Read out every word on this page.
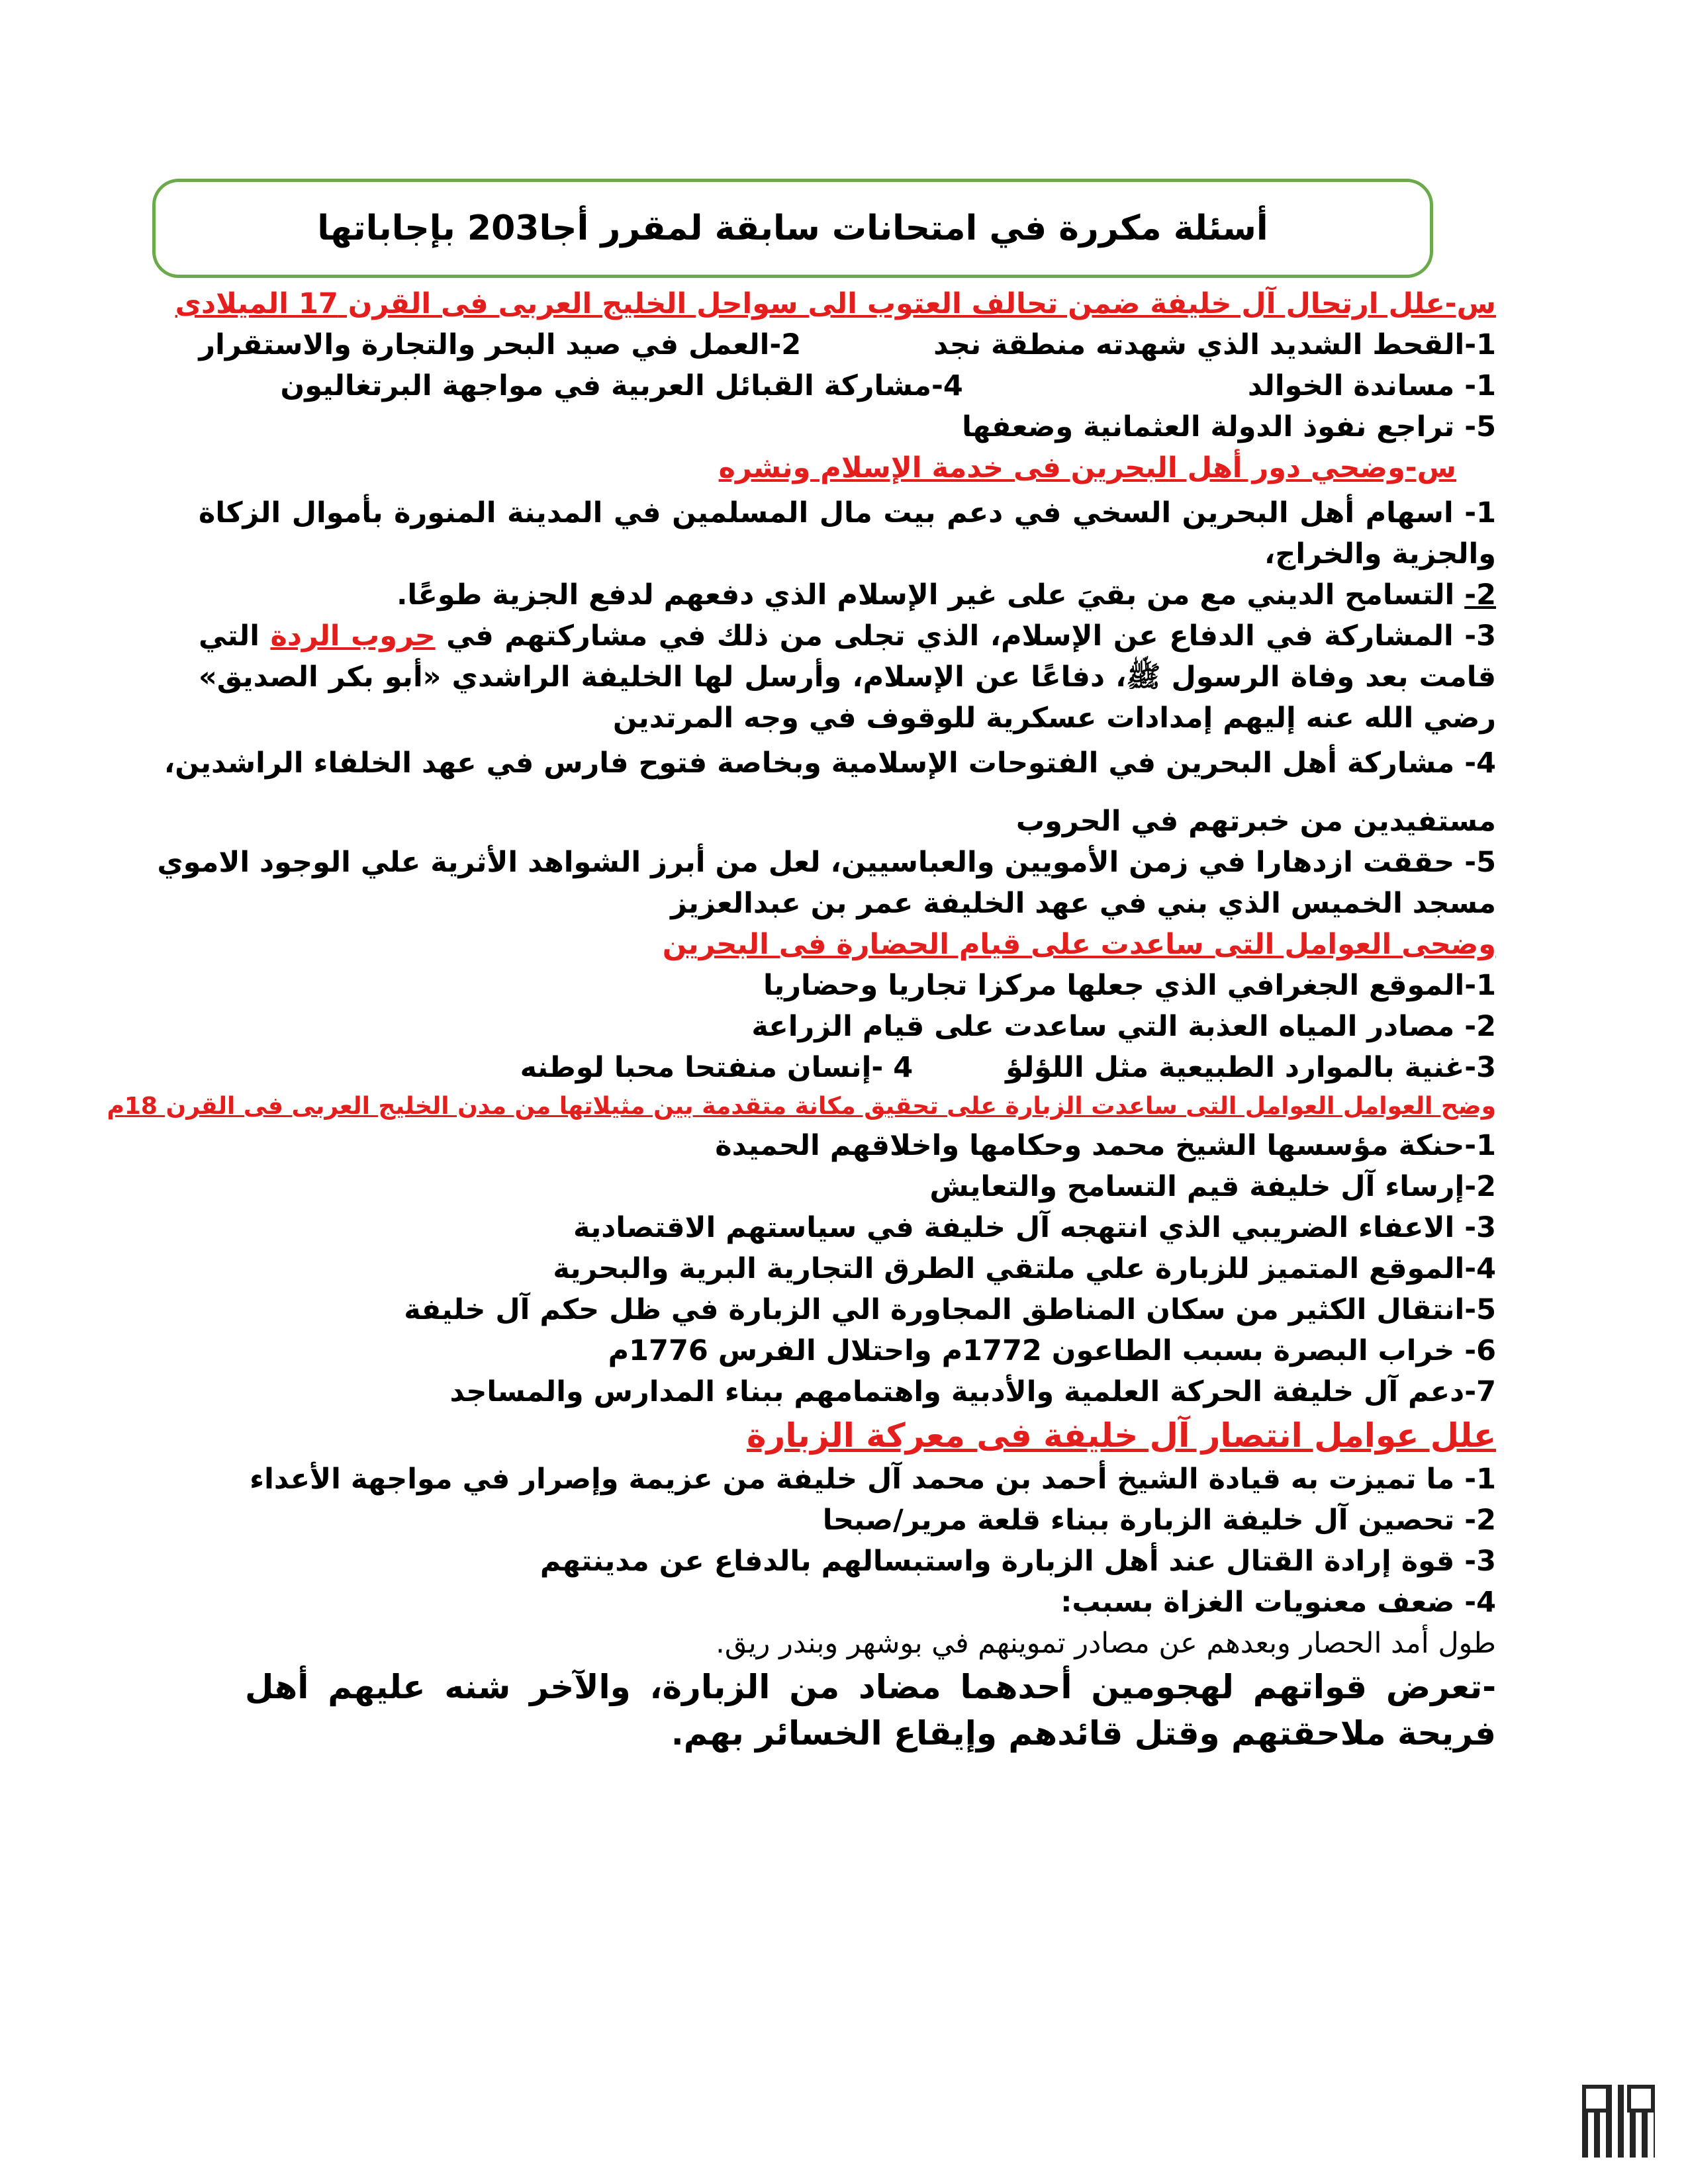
أسئلة مكررة في امتحانات سابقة لمقرر أجا203 بإجاباتها
س-علل ارتحال آل خليفة ضمن تحالف العتوب الى سواحل الخليج العربى فى القرن 17 الميلادى
1-القحط الشديد الذي شهدته منطقة نجد2-العمل في صيد البحر والتجارة والاستقرار
1- مساندة الخوالد4-مشاركة القبائل العربية في مواجهة البرتغاليون
5- تراجع نفوذ الدولة العثمانية وضعفها
س-وضحي دور أهل البحرين فى خدمة الإسلام ونشره
1- اسهام أهل البحرين السخي في دعم بيت مال المسلمين في المدينة المنورة بأموال الزكاة والجزية والخراج،
2- التسامح الديني مع من بقيَ على غير الإسلام الذي دفعهم لدفع الجزية طوعًا.
3- المشاركة في الدفاع عن الإسلام، الذي تجلى من ذلك في مشاركتهم في حروب الردة التي قامت بعد وفاة الرسول ﷺ، دفاعًا عن الإسلام، وأرسل لها الخليفة الراشدي «أبو بكر الصديق» رضي الله عنه إليهم إمدادات عسكرية للوقوف في وجه المرتدين
4- مشاركة أهل البحرين في الفتوحات الإسلامية وبخاصة فتوح فارس في عهد الخلفاء الراشدين،
مستفيدين من خبرتهم في الحروب
5- حققت ازدهارا في زمن الأمويين والعباسيين، لعل من أبرز الشواهد الأثرية علي الوجود الاموي
مسجد الخميس الذي بني في عهد الخليفة عمر بن عبدالعزيز
وضحى العوامل التى ساعدت على قيام الحضارة فى البحرين
1-الموقع الجغرافي الذي جعلها مركزا تجاريا وحضاريا
2- مصادر المياه العذبة التي ساعدت على قيام الزراعة
3-غنية بالموارد الطبيعية مثل اللؤلؤ4 -إنسان منفتحا محبا لوطنه
وضح العوامل العوامل التى ساعدت الزبارة على تحقيق مكانة متقدمة بين مثيلاتها من مدن الخليج العربى فى القرن 18م
1-حنكة مؤسسها الشيخ محمد وحكامها واخلاقهم الحميدة
2-إرساء آل خليفة قيم التسامح والتعايش
3- الاعفاء الضريبي الذي انتهجه آل خليفة في سياستهم الاقتصادية
4-الموقع المتميز للزبارة علي ملتقي الطرق التجارية البرية والبحرية
5-انتقال الكثير من سكان المناطق المجاورة الي الزبارة في ظل حكم آل خليفة
6- خراب البصرة بسبب الطاعون 1772م واحتلال الفرس 1776م
7-دعم آل خليفة الحركة العلمية والأدبية واهتمامهم ببناء المدارس والمساجد
علل عوامل انتصار آل خليفة فى معركة الزبارة
1- ما تميزت به قيادة الشيخ أحمد بن محمد آل خليفة من عزيمة وإصرار في مواجهة الأعداء
2- تحصين آل خليفة الزبارة ببناء قلعة مرير/صبحا
3- قوة إرادة القتال عند أهل الزبارة واستبسالهم بالدفاع عن مدينتهم
4- ضعف معنويات الغزاة بسبب:
طول أمد الحصار وبعدهم عن مصادر تموينهم في بوشهر وبندر ريق.
-تعرض قواتهم لهجومين أحدهما مضاد من الزبارة، والآخر شنه عليهم أهل فريحة ملاحقتهم وقتل قائدهم وإيقاع الخسائر بهم.
